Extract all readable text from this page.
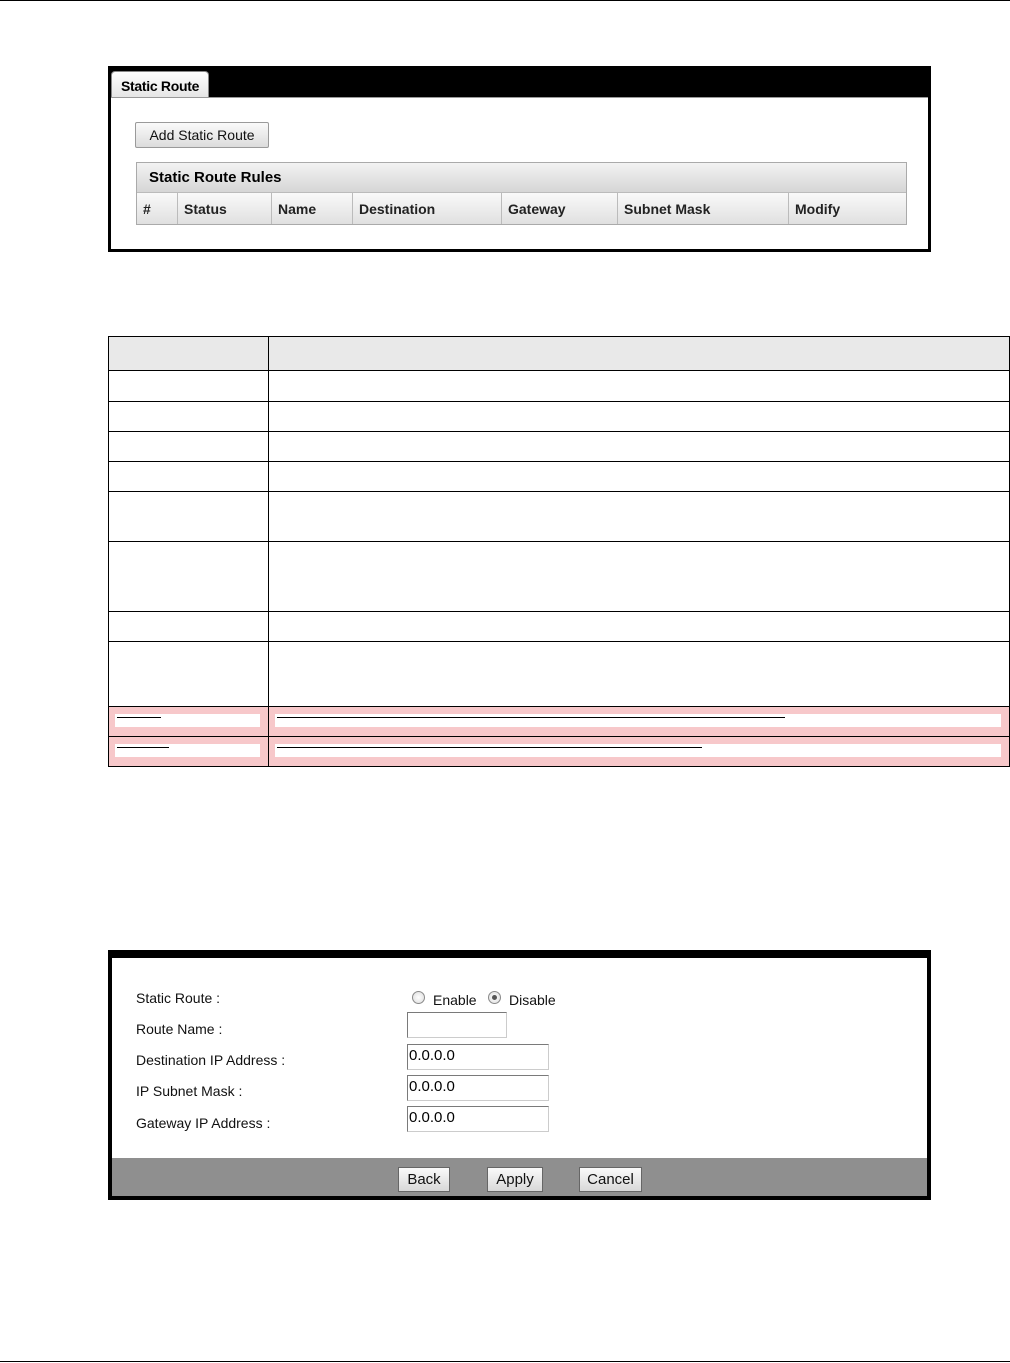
Static Route
Add Static Route
Static Route Rules
#	Status	Name	Destination	Gateway	Subnet Mask	Modify
Static Route :	Enable Disable
Route Name :
Destination IP Address :	0.0.0.0
IP Subnet Mask :	0.0.0.0
Gateway IP Address :	0.0.0.0
Back	Apply	Cancel
